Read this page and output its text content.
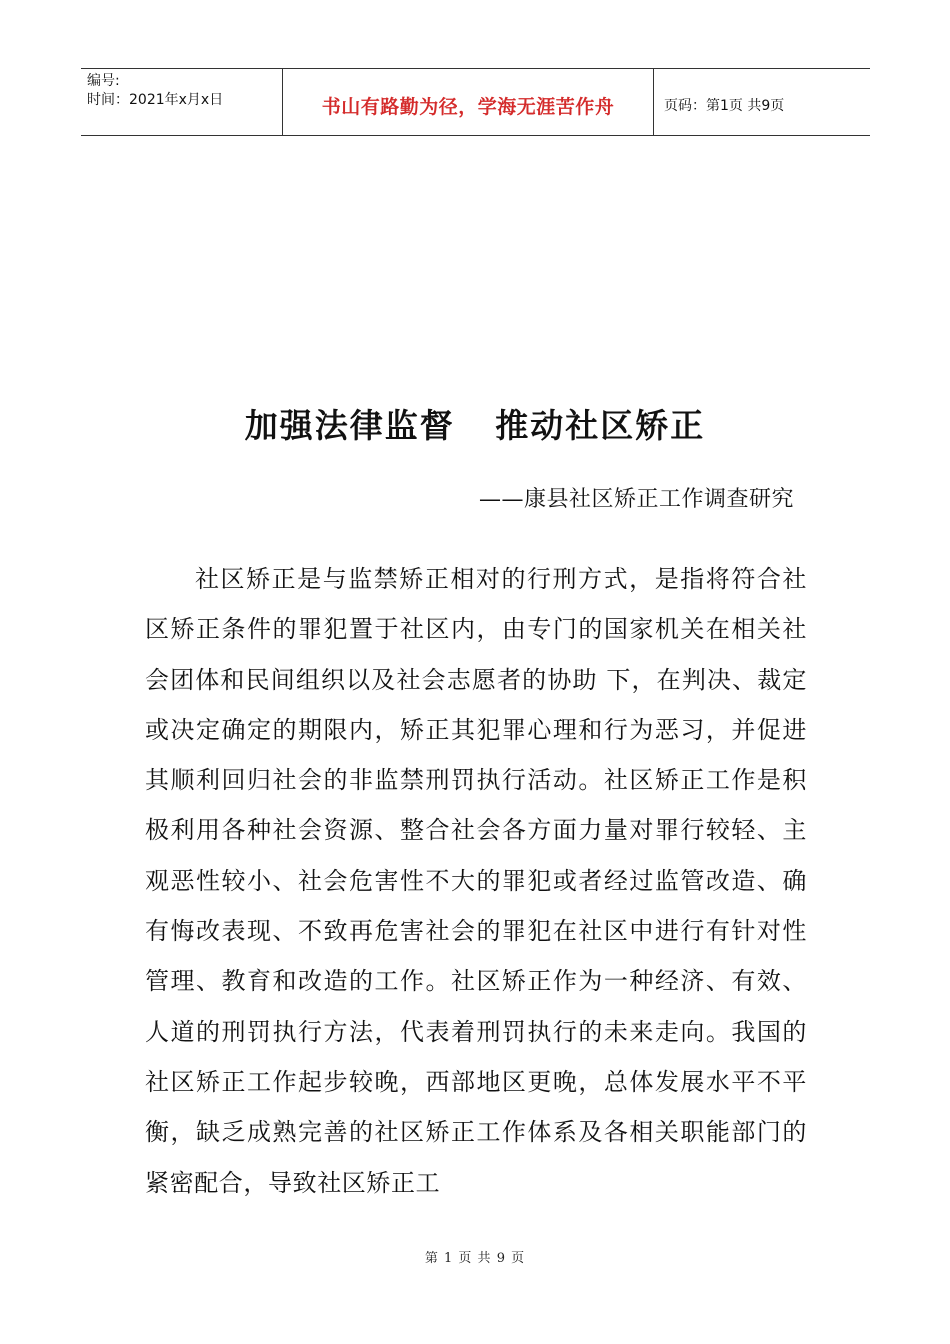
编号:
时间：2021年x月x日	书山有路勤为径，学海无涯苦作舟	页码：第1页 共9页
加强法律监督   推动社区矫正
——康县社区矫正工作调查研究

社区矫正是与监禁矫正相对的行刑方式，是指将符合社区矫正条件的罪犯置于社区内，由专门的国家机关在相关社会团体和民间组织以及社会志愿者的协助 下，在判决、裁定或决定确定的期限内，矫正其犯罪心理和行为恶习，并促进其顺利回归社会的非监禁刑罚执行活动。社区矫正工作是积极利用各种社会资源、整合社会各方面力量对罪行较轻、主观恶性较小、社会危害性不大的罪犯或者经过监管改造、确有悔改表现、不致再危害社会的罪犯在社区中进行有针对性管理、教育和改造的工作。社区矫正作为一种经济、有效、人道的刑罚执行方法，代表着刑罚执行的未来走向。我国的社区矫正工作起步较晚，西部地区更晚，总体发展水平不平衡，缺乏成熟完善的社区矫正工作体系及各相关职能部门的紧密配合，导致社区矫正工

第 1 页 共 9 页
